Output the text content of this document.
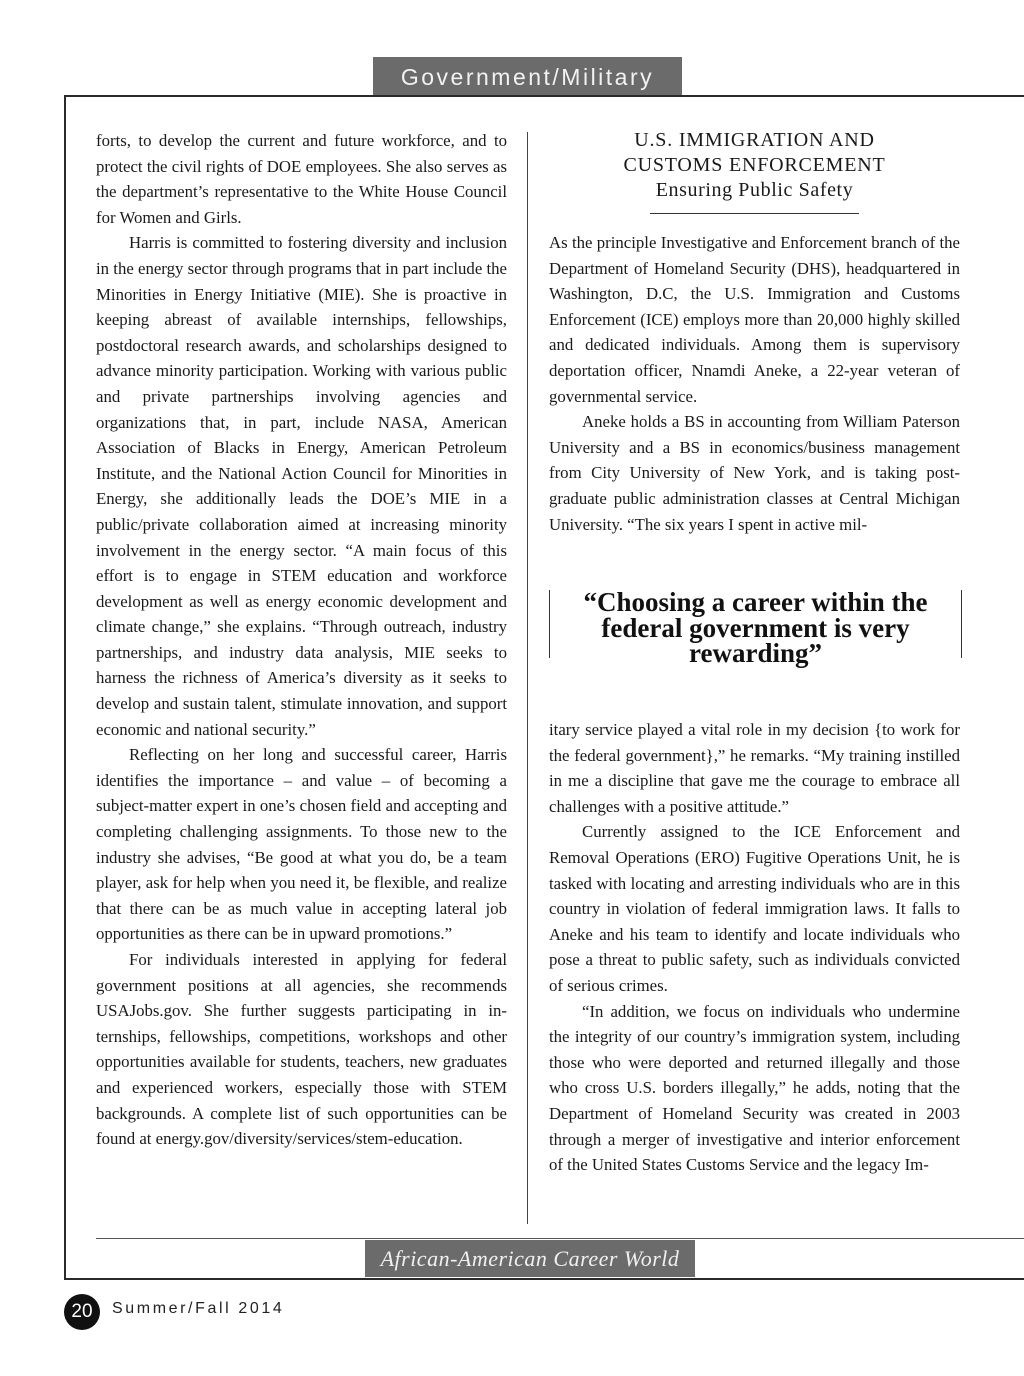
Government/Military

forts, to develop the current and future workforce, and to protect the civil rights of DOE employees. She also serves as the department’s representative to the White House Council for Women and Girls.

Harris is committed to fostering diversity and inclusion in the energy sector through programs that in part include the Minorities in Energy Initiative (MIE). She is proactive in keeping abreast of available internships, fellowships, postdoctoral research awards, and scholarships designed to advance minority participation. Working with various public and private partnerships involving agencies and organizations that, in part, include NASA, American Association of Blacks in Energy, American Petroleum Institute, and the National Action Council for Minorities in Energy, she additionally leads the DOE’s MIE in a public/private collaboration aimed at increasing minority involvement in the energy sector. “A main focus of this effort is to engage in STEM education and workforce development as well as energy economic development and climate change,” she explains. “Through outreach, industry partnerships, and industry data analysis, MIE seeks to harness the richness of America’s diversity as it seeks to develop and sustain talent, stimulate innovation, and support economic and national security.”

Reflecting on her long and successful career, Harris identifies the importance – and value – of becoming a subject-matter expert in one’s chosen field and accepting and completing challenging assignments. To those new to the industry she advises, “Be good at what you do, be a team player, ask for help when you need it, be flexible, and realize that there can be as much value in accepting lateral job opportunities as there can be in upward promotions.”

For individuals interested in applying for federal government positions at all agencies, she recommends USAJobs.gov. She further suggests participating in internships, fellowships, competitions, workshops and other opportunities available for students, teachers, new graduates and experienced workers, especially those with STEM backgrounds. A complete list of such opportunities can be found at energy.gov/diversity/services/stem-education.

U.S. IMMIGRATION AND
CUSTOMS ENFORCEMENT
Ensuring Public Safety

As the principle Investigative and Enforcement branch of the Department of Homeland Security (DHS), headquartered in Washington, D.C, the U.S. Immigration and Customs Enforcement (ICE) employs more than 20,000 highly skilled and dedicated individuals. Among them is supervisory deportation officer, Nnamdi Aneke, a 22-year veteran of governmental service.

Aneke holds a BS in accounting from William Paterson University and a BS in economics/business management from City University of New York, and is taking post-graduate public administration classes at Central Michigan University. “The six years I spent in active mil-

“Choosing a career within the federal government is very rewarding”

itary service played a vital role in my decision {to work for the federal government},” he remarks. “My training instilled in me a discipline that gave me the courage to embrace all challenges with a positive attitude.”

Currently assigned to the ICE Enforcement and Removal Operations (ERO) Fugitive Operations Unit, he is tasked with locating and arresting individuals who are in this country in violation of federal immigration laws. It falls to Aneke and his team to identify and locate individuals who pose a threat to public safety, such as individuals convicted of serious crimes.

“In addition, we focus on individuals who undermine the integrity of our country’s immigration system, including those who were deported and returned illegally and those who cross U.S. borders illegally,” he adds, noting that the Department of Homeland Security was created in 2003 through a merger of investigative and interior enforcement of the United States Customs Service and the legacy Im-

African-American Career World
20	Summer/Fall 2014
